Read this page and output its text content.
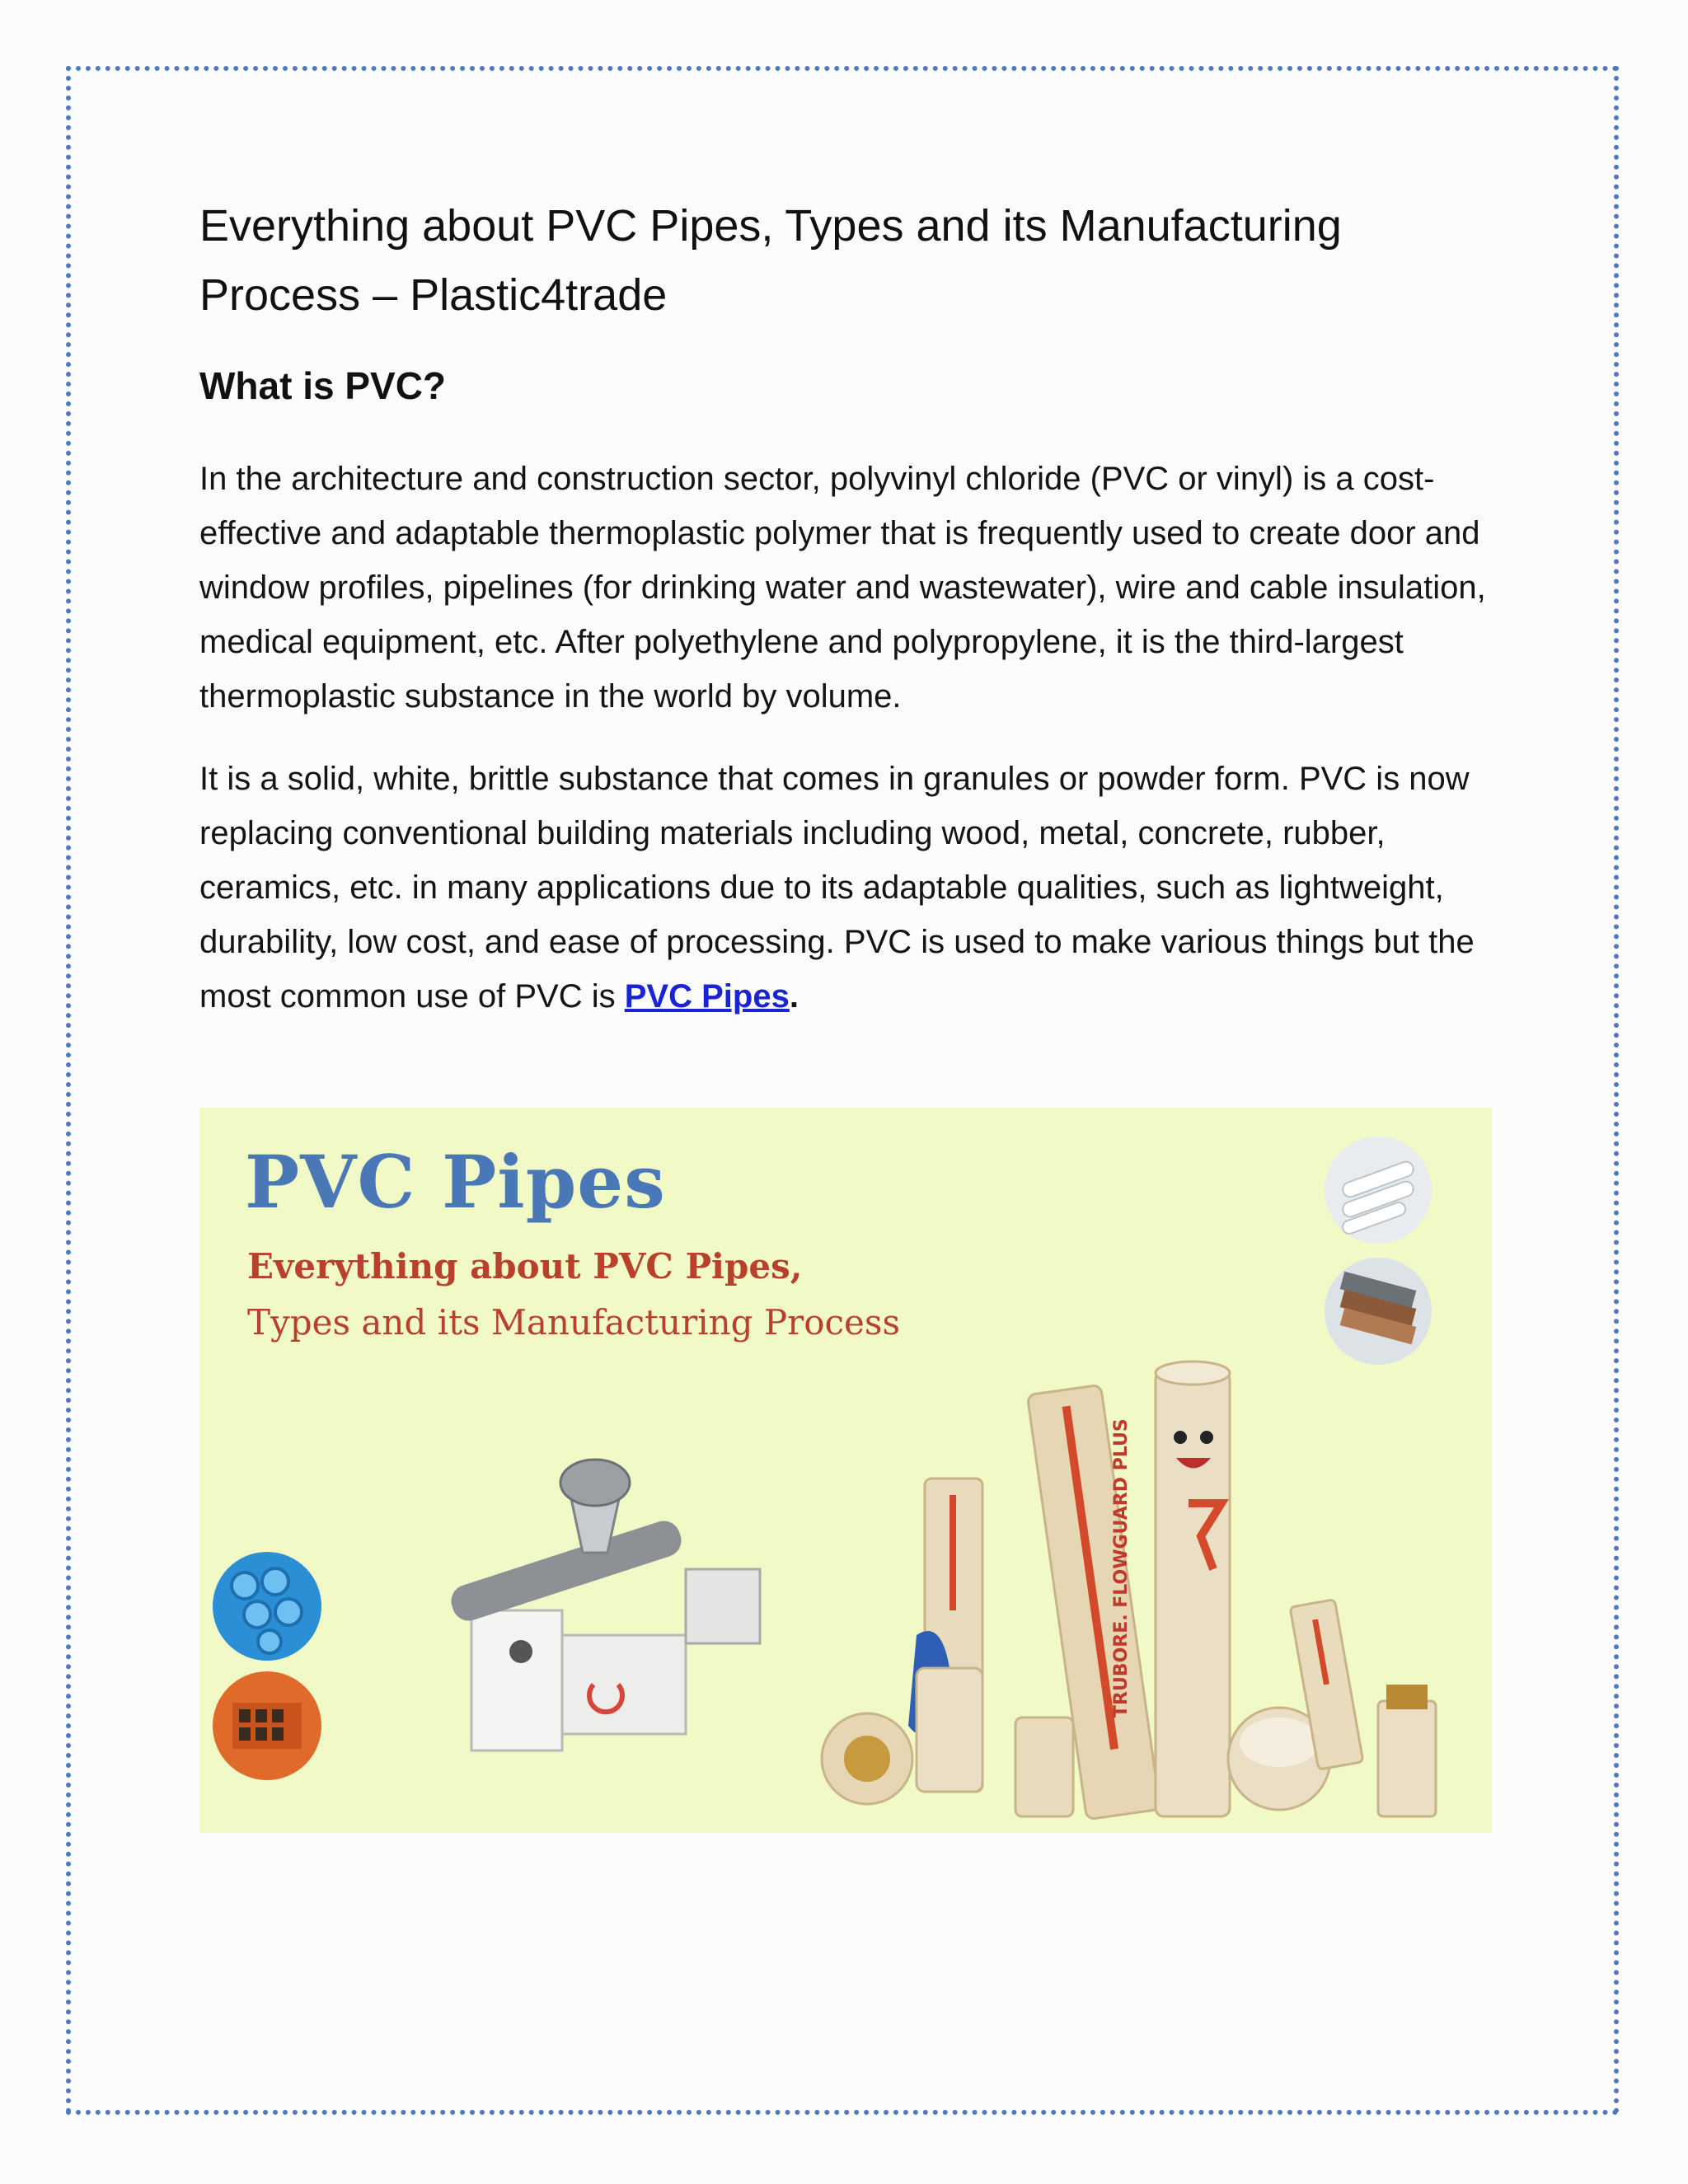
Everything about PVC Pipes, Types and its Manufacturing Process – Plastic4trade
What is PVC?

In the architecture and construction sector, polyvinyl chloride (PVC or vinyl) is a cost-effective and adaptable thermoplastic polymer that is frequently used to create door and window profiles, pipelines (for drinking water and wastewater), wire and cable insulation, medical equipment, etc. After polyethylene and polypropylene, it is the third-largest thermoplastic substance in the world by volume.

It is a solid, white, brittle substance that comes in granules or powder form. PVC is now replacing conventional building materials including wood, metal, concrete, rubber, ceramics, etc. in many applications due to its adaptable qualities, such as lightweight, durability, low cost, and ease of processing. PVC is used to make various things but the most common use of PVC is PVC Pipes.

TRUBORE. FLOWGUARD PLUS
PVC Pipes
Everything about PVC Pipes,
Types and its Manufacturing Process
